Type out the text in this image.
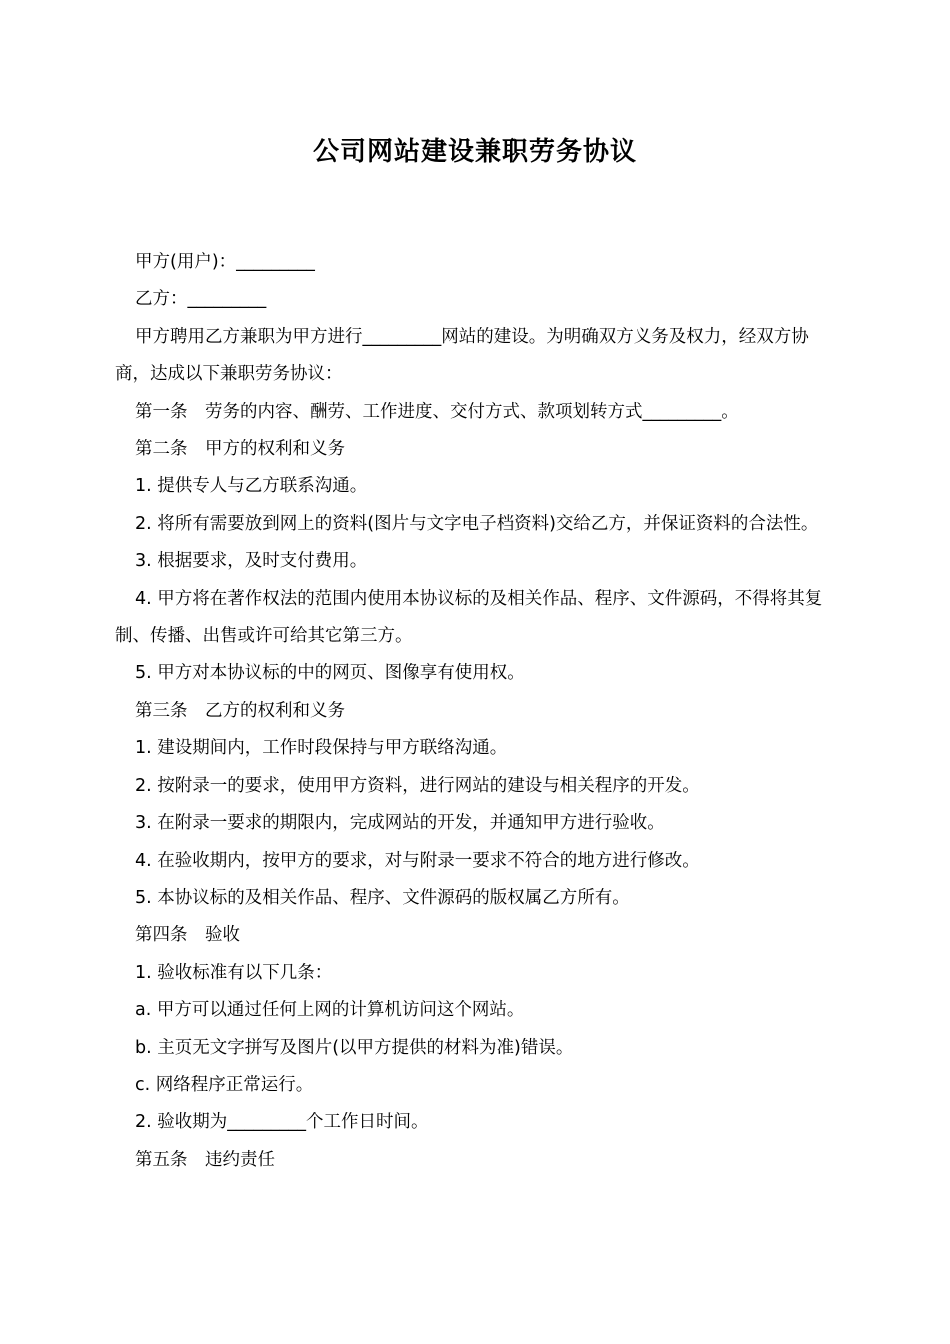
公司网站建设兼职劳务协议

甲方(用户)：_________

乙方：_________

甲方聘用乙方兼职为甲方进行_________网站的建设。为明确双方义务及权力，经双方协商，达成以下兼职劳务协议：

第一条　劳务的内容、酬劳、工作进度、交付方式、款项划转方式_________。

第二条　甲方的权利和义务

1. 提供专人与乙方联系沟通。

2. 将所有需要放到网上的资料(图片与文字电子档资料)交给乙方，并保证资料的合法性。

3. 根据要求，及时支付费用。

4. 甲方将在著作权法的范围内使用本协议标的及相关作品、程序、文件源码，不得将其复制、传播、出售或许可给其它第三方。

5. 甲方对本协议标的中的网页、图像享有使用权。

第三条　乙方的权利和义务

1. 建设期间内，工作时段保持与甲方联络沟通。

2. 按附录一的要求，使用甲方资料，进行网站的建设与相关程序的开发。

3. 在附录一要求的期限内，完成网站的开发，并通知甲方进行验收。

4. 在验收期内，按甲方的要求，对与附录一要求不符合的地方进行修改。

5. 本协议标的及相关作品、程序、文件源码的版权属乙方所有。

第四条　验收

1. 验收标准有以下几条：

a. 甲方可以通过任何上网的计算机访问这个网站。

b. 主页无文字拼写及图片(以甲方提供的材料为准)错误。

c. 网络程序正常运行。

2. 验收期为_________个工作日时间。

第五条　违约责任
